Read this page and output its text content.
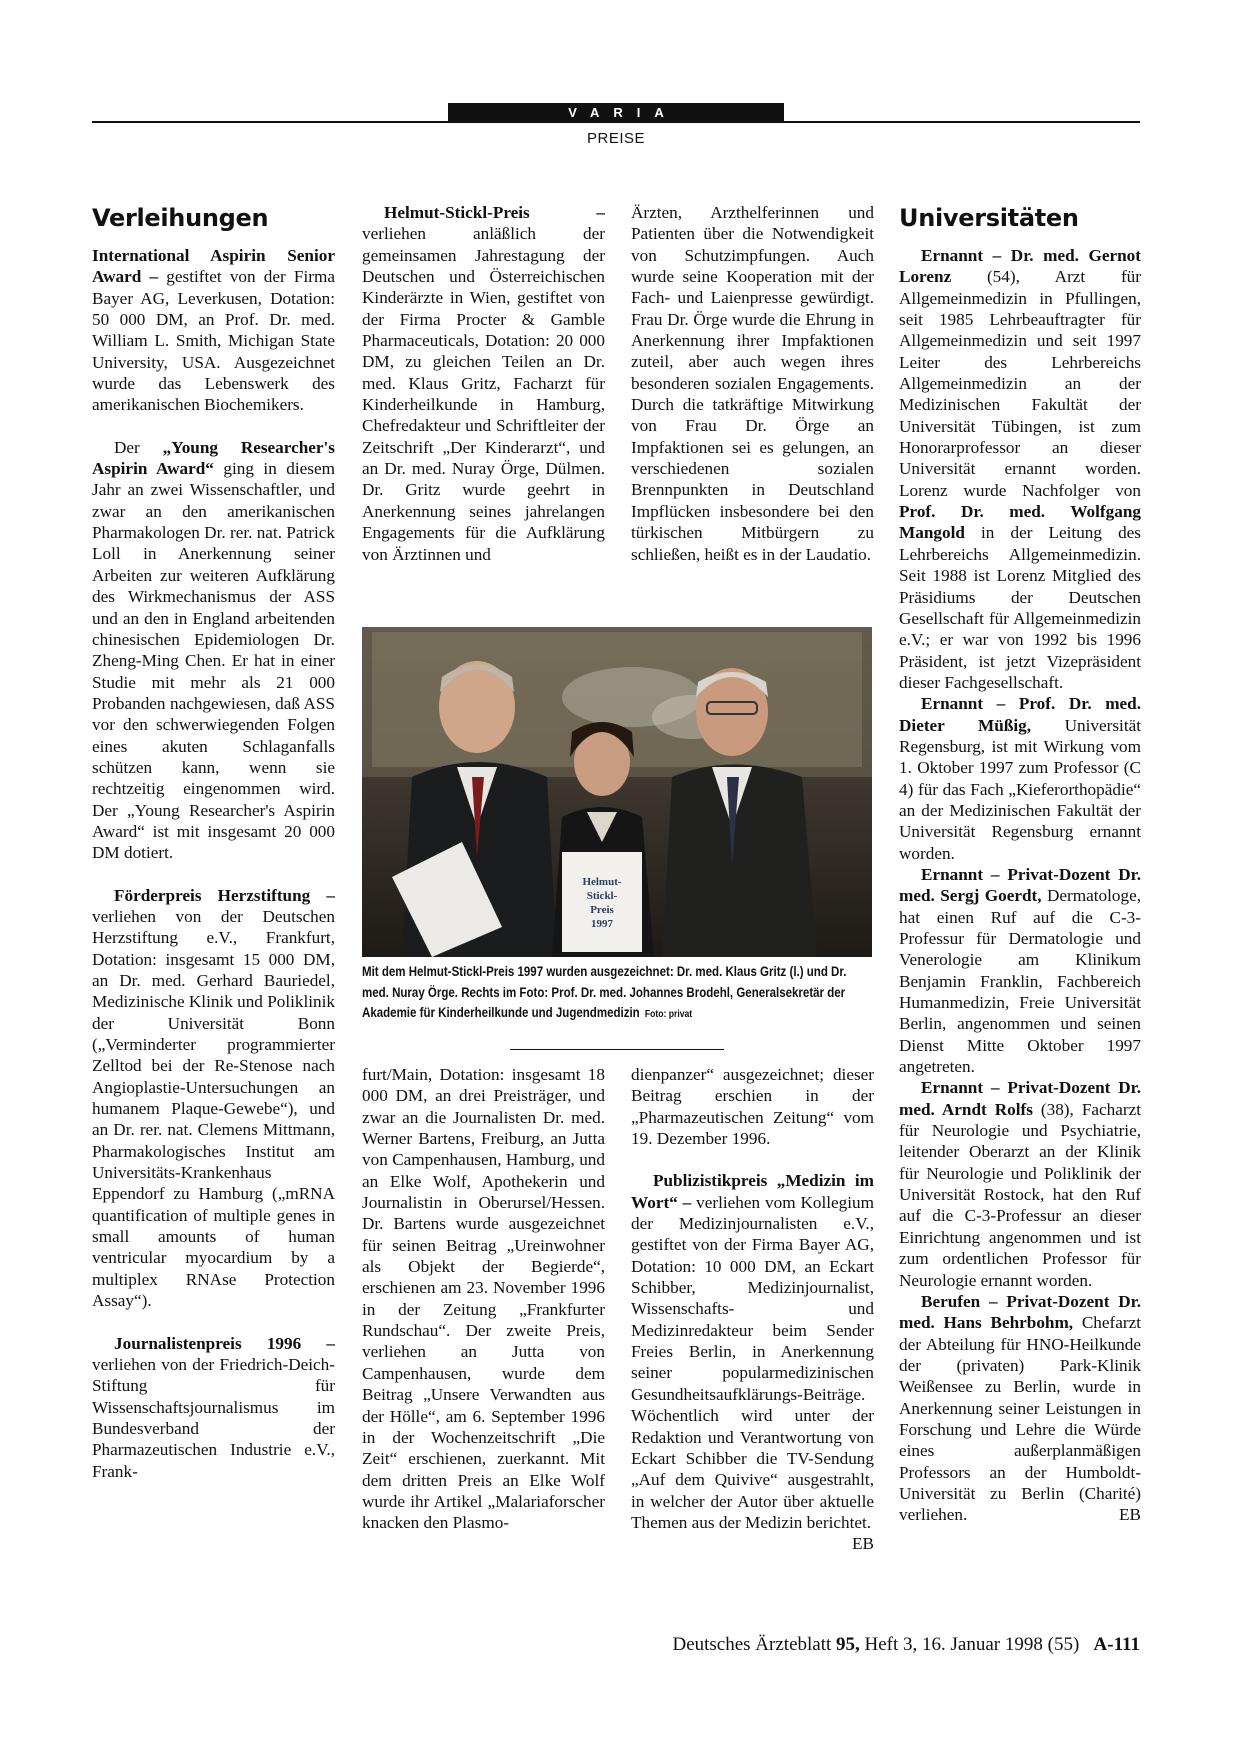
VARIA
PREISE
Verleihungen

International Aspirin Senior Award – gestiftet von der Firma Bayer AG, Leverkusen, Dotation: 50 000 DM, an Prof. Dr. med. William L. Smith, Michigan State University, USA. Ausgezeichnet wurde das Lebenswerk des amerikanischen Biochemikers.

Der „Young Researcher's Aspirin Award“ ging in diesem Jahr an zwei Wissenschaftler, und zwar an den amerikanischen Pharmakologen Dr. rer. nat. Patrick Loll in Anerkennung seiner Arbeiten zur weiteren Aufklärung des Wirkmechanismus der ASS und an den in England arbeitenden chinesischen Epidemiologen Dr. Zheng-Ming Chen. Er hat in einer Studie mit mehr als 21 000 Probanden nachgewiesen, daß ASS vor den schwerwiegenden Folgen eines akuten Schlaganfalls schützen kann, wenn sie rechtzeitig eingenommen wird. Der „Young Researcher's Aspirin Award“ ist mit insgesamt 20 000 DM dotiert.

Förderpreis Herzstiftung – verliehen von der Deutschen Herzstiftung e.V., Frankfurt, Dotation: insgesamt 15 000 DM, an Dr. med. Gerhard Bauriedel, Medizinische Klinik und Poliklinik der Universität Bonn („Verminderter programmierter Zelltod bei der Re-Stenose nach Angioplastie-Untersuchungen an humanem Plaque-Gewebe“), und an Dr. rer. nat. Clemens Mittmann, Pharmakologisches Institut am Universitäts-Krankenhaus Eppendorf zu Hamburg („mRNA quantification of multiple genes in small amounts of human ventricular myocardium by a multiplex RNAse Protection Assay“).

Journalistenpreis 1996 – verliehen von der Friedrich-Deich-Stiftung für Wissenschaftsjournalismus im Bundesverband der Pharmazeutischen Industrie e.V., Frank-

Helmut-Stickl-Preis – verliehen anläßlich der gemeinsamen Jahrestagung der Deutschen und Österreichischen Kinderärzte in Wien, gestiftet von der Firma Procter & Gamble Pharmaceuticals, Dotation: 20 000 DM, zu gleichen Teilen an Dr. med. Klaus Gritz, Facharzt für Kinderheilkunde in Hamburg, Chefredakteur und Schriftleiter der Zeitschrift „Der Kinderarzt“, und an Dr. med. Nuray Örge, Dülmen. Dr. Gritz wurde geehrt in Anerkennung seines jahrelangen Engagements für die Aufklärung von Ärztinnen und

Ärzten, Arzthelferinnen und Patienten über die Notwendigkeit von Schutzimpfungen. Auch wurde seine Kooperation mit der Fach- und Laienpresse gewürdigt. Frau Dr. Örge wurde die Ehrung in Anerkennung ihrer Impfaktionen zuteil, aber auch wegen ihres besonderen sozialen Engagements. Durch die tatkräftige Mitwirkung von Frau Dr. Örge an Impfaktionen sei es gelungen, an verschiedenen sozialen Brennpunkten in Deutschland Impflücken insbesondere bei den türkischen Mitbürgern zu schließen, heißt es in der Laudatio.

Helmut-
Stickl-
Preis
1997
Mit dem Helmut-Stickl-Preis 1997 wurden ausgezeichnet: Dr. med. Klaus Gritz (l.) und Dr. med. Nuray Örge. Rechts im Foto: Prof. Dr. med. Johannes Brodehl, Generalsekretär der Akademie für Kinderheilkunde und Jugendmedizin Foto: privat

furt/Main, Dotation: insgesamt 18 000 DM, an drei Preisträger, und zwar an die Journalisten Dr. med. Werner Bartens, Freiburg, an Jutta von Campenhausen, Hamburg, und an Elke Wolf, Apothekerin und Journalistin in Oberursel/Hessen. Dr. Bartens wurde ausgezeichnet für seinen Beitrag „Ureinwohner als Objekt der Begierde“, erschienen am 23. November 1996 in der Zeitung „Frankfurter Rundschau“. Der zweite Preis, verliehen an Jutta von Campenhausen, wurde dem Beitrag „Unsere Verwandten aus der Hölle“, am 6. September 1996 in der Wochenzeitschrift „Die Zeit“ erschienen, zuerkannt. Mit dem dritten Preis an Elke Wolf wurde ihr Artikel „Malariaforscher knacken den Plasmo-

dienpanzer“ ausgezeichnet; dieser Beitrag erschien in der „Pharmazeutischen Zeitung“ vom 19. Dezember 1996.

Publizistikpreis „Medizin im Wort“ – verliehen vom Kollegium der Medizinjournalisten e.V., gestiftet von der Firma Bayer AG, Dotation: 10 000 DM, an Eckart Schibber, Medizinjournalist, Wissenschafts- und Medizinredakteur beim Sender Freies Berlin, in Anerkennung seiner popularmedizinischen Gesundheitsaufklärungs-Beiträge. Wöchentlich wird unter der Redaktion und Verantwortung von Eckart Schibber die TV-Sendung „Auf dem Quivive“ ausgestrahlt, in welcher der Autor über aktuelle Themen aus der Medizin berichtet.
EB

Universitäten

Ernannt – Dr. med. Gernot Lorenz (54), Arzt für Allgemeinmedizin in Pfullingen, seit 1985 Lehrbeauftragter für Allgemeinmedizin und seit 1997 Leiter des Lehrbereichs Allgemeinmedizin an der Medizinischen Fakultät der Universität Tübingen, ist zum Honorarprofessor an dieser Universität ernannt worden. Lorenz wurde Nachfolger von Prof. Dr. med. Wolfgang Mangold in der Leitung des Lehrbereichs Allgemeinmedizin. Seit 1988 ist Lorenz Mitglied des Präsidiums der Deutschen Gesellschaft für Allgemeinmedizin e.V.; er war von 1992 bis 1996 Präsident, ist jetzt Vizepräsident dieser Fachgesellschaft.

Ernannt – Prof. Dr. med. Dieter Müßig, Universität Regensburg, ist mit Wirkung vom 1. Oktober 1997 zum Professor (C 4) für das Fach „Kieferorthopädie“ an der Medizinischen Fakultät der Universität Regensburg ernannt worden.

Ernannt – Privat-Dozent Dr. med. Sergj Goerdt, Dermatologe, hat einen Ruf auf die C-3-Professur für Dermatologie und Venerologie am Klinikum Benjamin Franklin, Fachbereich Humanmedizin, Freie Universität Berlin, angenommen und seinen Dienst Mitte Oktober 1997 angetreten.

Ernannt – Privat-Dozent Dr. med. Arndt Rolfs (38), Facharzt für Neurologie und Psychiatrie, leitender Oberarzt an der Klinik für Neurologie und Poliklinik der Universität Rostock, hat den Ruf auf die C-3-Professur an dieser Einrichtung angenommen und ist zum ordentlichen Professor für Neurologie ernannt worden.

Berufen – Privat-Dozent Dr. med. Hans Behrbohm, Chefarzt der Abteilung für HNO-Heilkunde der (privaten) Park-Klinik Weißensee zu Berlin, wurde in Anerkennung seiner Leistungen in Forschung und Lehre die Würde eines außerplanmäßigen Professors an der Humboldt-Universität zu Berlin (Charité) verliehen.	EB

Deutsches Ärzteblatt 95, Heft 3, 16. Januar 1998 (55) A-111
